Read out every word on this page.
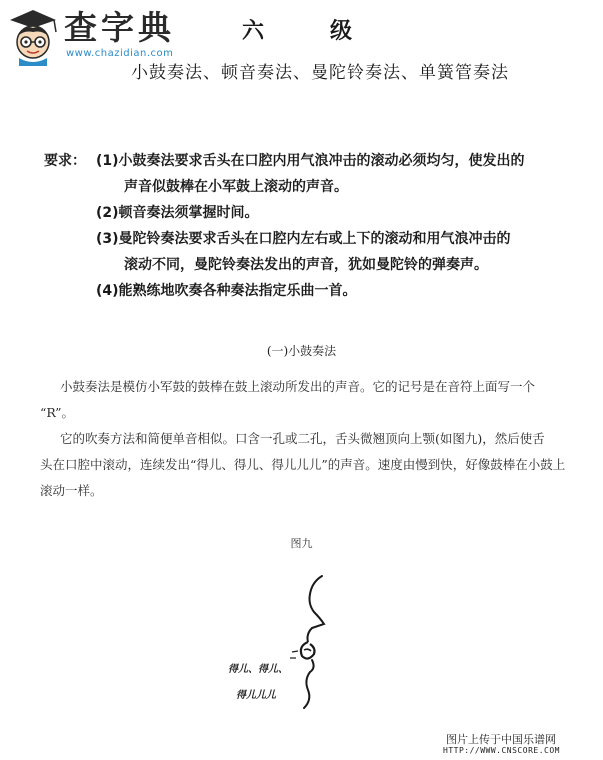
查字典
www.chazidian.com
六级
小鼓奏法、顿音奏法、曼陀铃奏法、单簧管奏法
要求： (1)小鼓奏法要求舌头在口腔内用气浪冲击的滚动必须均匀，使发出的
声音似鼓棒在小军鼓上滚动的声音。
(2)顿音奏法须掌握时间。
(3)曼陀铃奏法要求舌头在口腔内左右或上下的滚动和用气浪冲击的
滚动不同，曼陀铃奏法发出的声音，犹如曼陀铃的弹奏声。
(4)能熟练地吹奏各种奏法指定乐曲一首。
(一)小鼓奏法
小鼓奏法是模仿小军鼓的鼓棒在鼓上滚动所发出的声音。它的记号是在音符上面写一个
“R”。
它的吹奏方法和简便单音相似。口含一孔或二孔，舌头微翘顶向上颚(如图九)，然后使舌
头在口腔中滚动，连续发出“得儿、得儿、得儿儿儿”的声音。速度由慢到快，好像鼓棒在小鼓上
滚动一样。
图九
得儿、得儿、
得儿儿儿
图片上传于中国乐谱网
HTTP://WWW.CNSCORE.COM
